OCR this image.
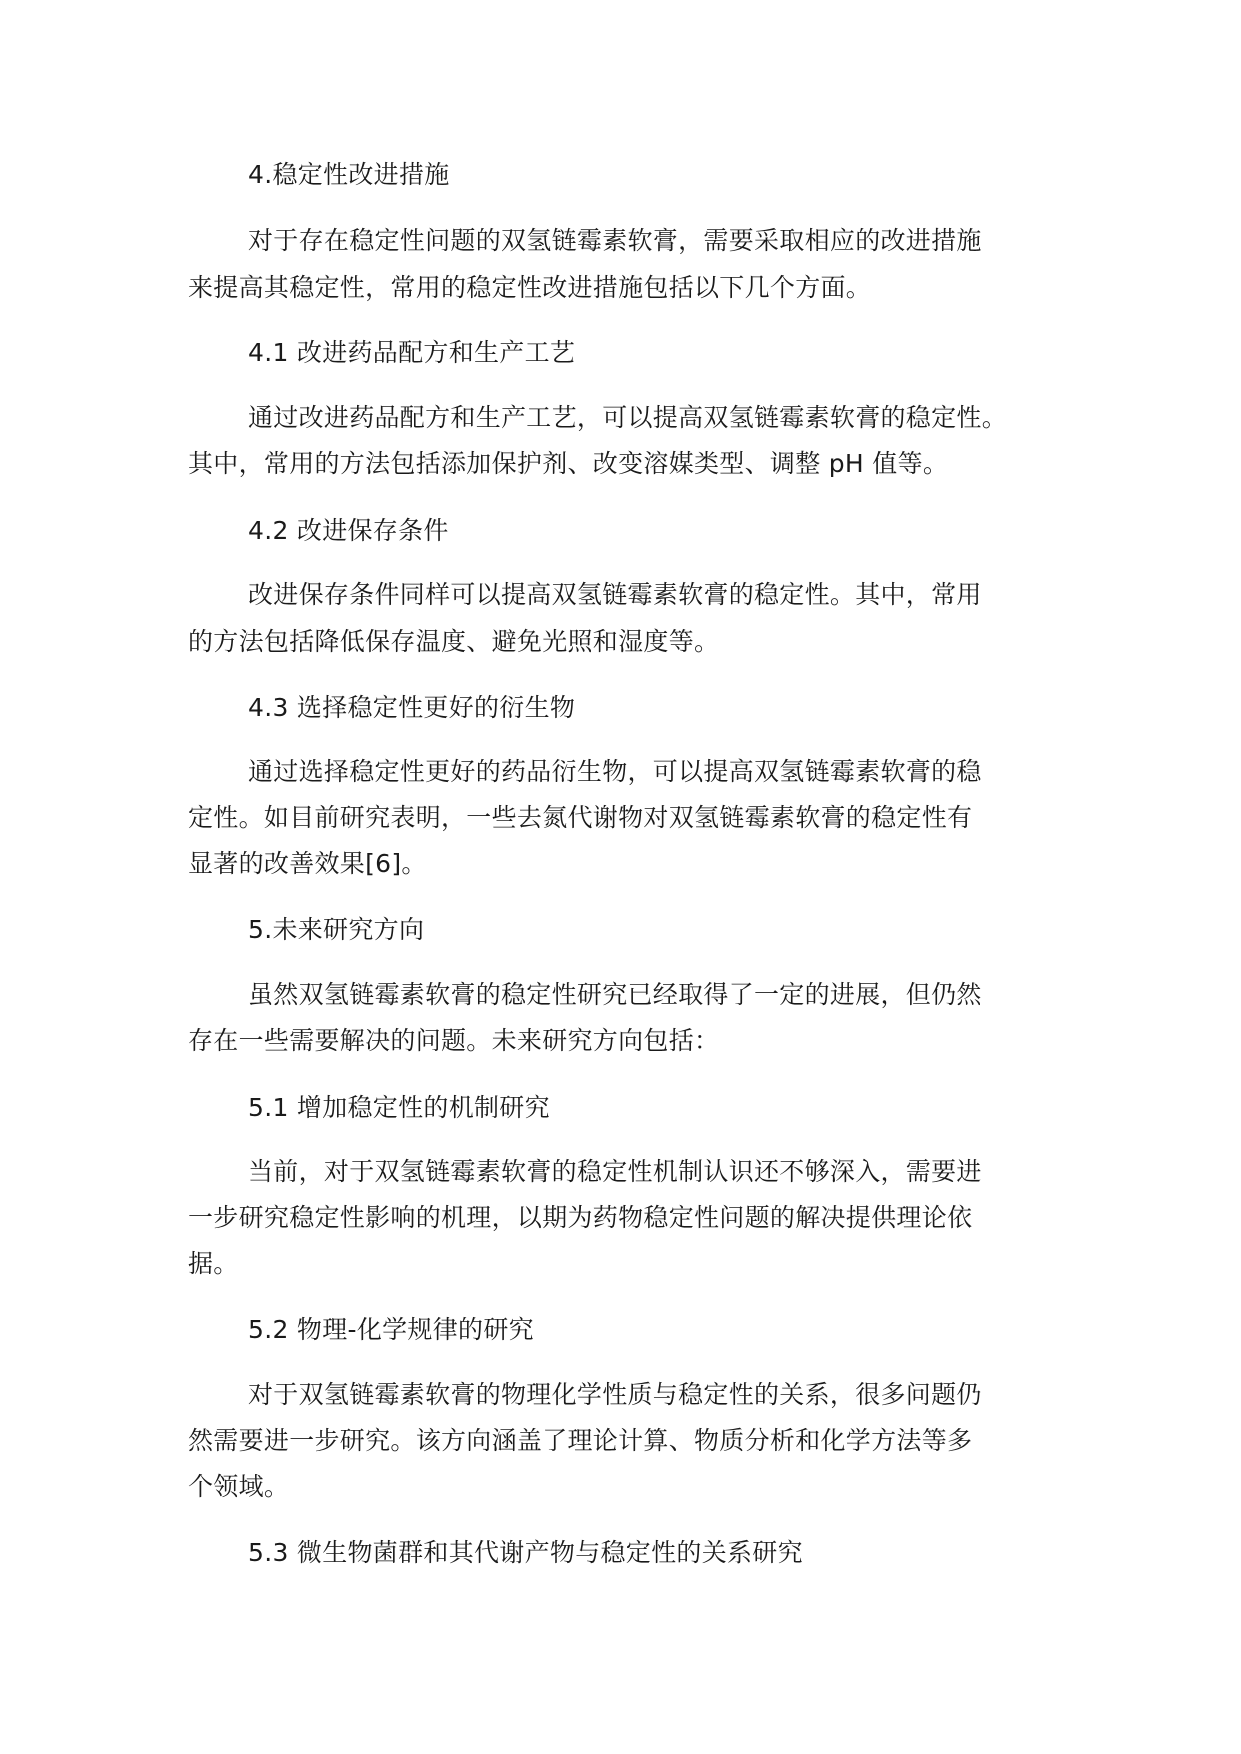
4.稳定性改进措施
对于存在稳定性问题的双氢链霉素软膏，需要采取相应的改进措施
来提高其稳定性，常用的稳定性改进措施包括以下几个方面。
4.1 改进药品配方和生产工艺
通过改进药品配方和生产工艺，可以提高双氢链霉素软膏的稳定性。
其中，常用的方法包括添加保护剂、改变溶媒类型、调整 pH 值等。
4.2 改进保存条件
改进保存条件同样可以提高双氢链霉素软膏的稳定性。其中，常用
的方法包括降低保存温度、避免光照和湿度等。
4.3 选择稳定性更好的衍生物
通过选择稳定性更好的药品衍生物，可以提高双氢链霉素软膏的稳
定性。如目前研究表明，一些去氮代谢物对双氢链霉素软膏的稳定性有
显著的改善效果[6]。
5.未来研究方向
虽然双氢链霉素软膏的稳定性研究已经取得了一定的进展，但仍然
存在一些需要解决的问题。未来研究方向包括：
5.1 增加稳定性的机制研究
当前，对于双氢链霉素软膏的稳定性机制认识还不够深入，需要进
一步研究稳定性影响的机理，以期为药物稳定性问题的解决提供理论依
据。
5.2 物理-化学规律的研究
对于双氢链霉素软膏的物理化学性质与稳定性的关系，很多问题仍
然需要进一步研究。该方向涵盖了理论计算、物质分析和化学方法等多
个领域。
5.3 微生物菌群和其代谢产物与稳定性的关系研究
